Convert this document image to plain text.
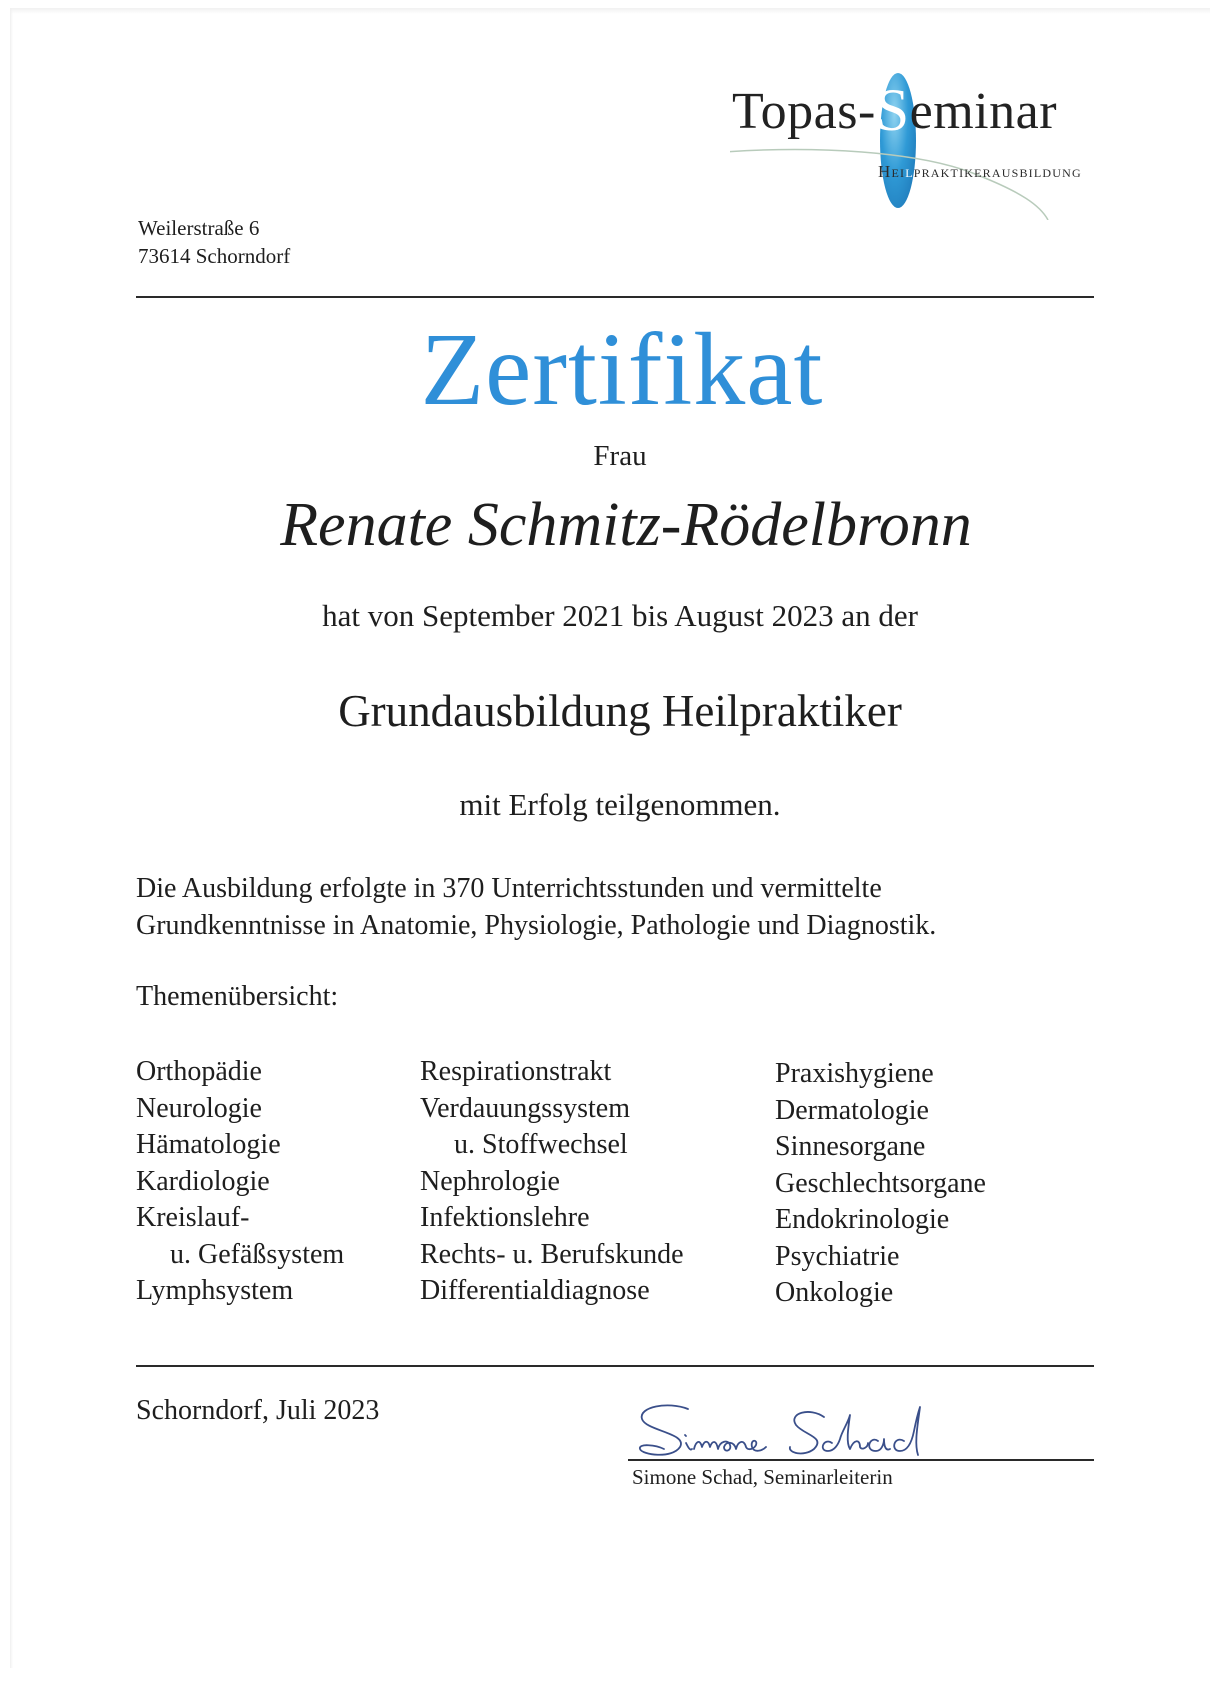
Topas-Seminar
Heilpraktikerausbildung
Weilerstraße 6
73614 Schorndorf
Zertifikat
Frau
Renate Schmitz-Rödelbronn
hat von September 2021 bis August 2023 an der
Grundausbildung Heilpraktiker
mit Erfolg teilgenommen.
Die Ausbildung erfolgte in 370 Unterrichtsstunden und vermittelte
Grundkenntnisse in Anatomie, Physiologie, Pathologie und Diagnostik.
Themenübersicht:
Orthopädie
Neurologie
Hämatologie
Kardiologie
Kreislauf-
u. Gefäßsystem
Lymphsystem
Respirationstrakt
Verdauungssystem
u. Stoffwechsel
Nephrologie
Infektionslehre
Rechts- u. Berufskunde
Differentialdiagnose
Praxishygiene
Dermatologie
Sinnesorgane
Geschlechtsorgane
Endokrinologie
Psychiatrie
Onkologie
Schorndorf, Juli 2023
Simone Schad, Seminarleiterin
